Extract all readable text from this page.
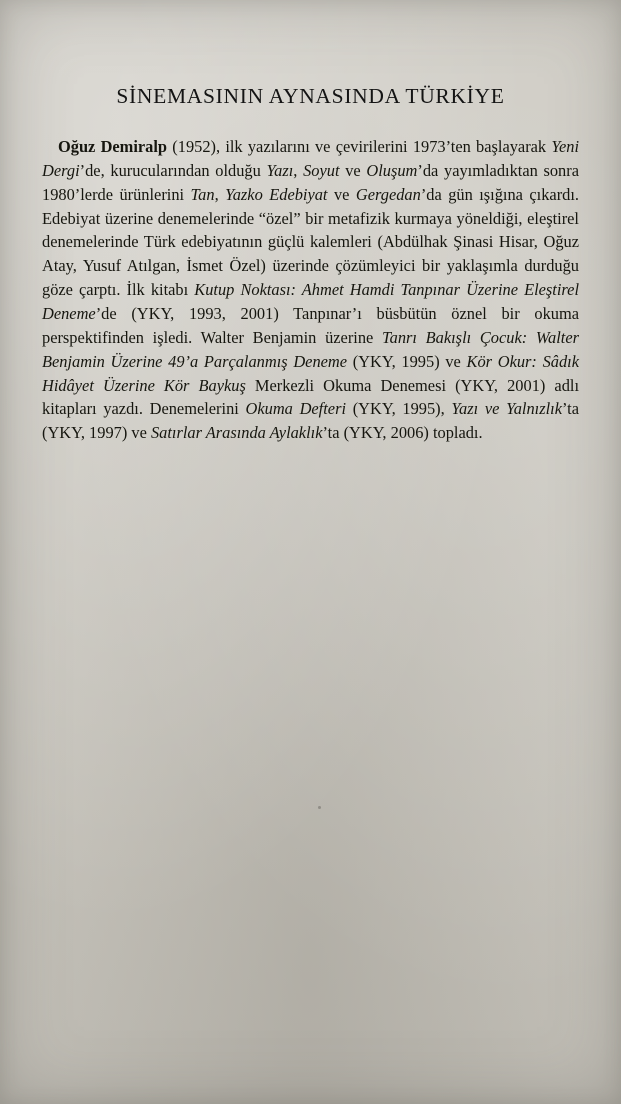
SİNEMASININ AYNASINDA TÜRKİYE

Oğuz Demiralp (1952), ilk yazılarını ve çevirilerini 1973’ten başlayarak Yeni Dergi’de, kurucularından olduğu Yazı, Soyut ve Oluşum’da yayımladıktan sonra 1980’lerde ürünlerini Tan, Yazko Edebiyat ve Gergedan’da gün ışığına çıkardı. Edebiyat üzerine denemelerinde “özel” bir metafizik kurmaya yöneldiği, eleştirel denemelerinde Türk edebiyatının güçlü kalemleri (Abdülhak Şinasi Hisar, Oğuz Atay, Yusuf Atılgan, İsmet Özel) üzerinde çözümleyici bir yaklaşımla durduğu göze çarptı. İlk kitabı Kutup Noktası: Ahmet Hamdi Tanpınar Üzerine Eleştirel Deneme’de (YKY, 1993, 2001) Tanpınar’ı büsbütün öznel bir okuma perspektifinden işledi. Walter Benjamin üzerine Tanrı Bakışlı Çocuk: Walter Benjamin Üzerine 49’a Parçalanmış Deneme (YKY, 1995) ve Kör Okur: Sâdık Hidâyet Üzerine Kör Baykuş Merkezli Okuma Denemesi (YKY, 2001) adlı kitapları yazdı. Denemelerini Okuma Defteri (YKY, 1995), Yazı ve Yalnızlık’ta (YKY, 1997) ve Satırlar Arasında Aylaklık’ta (YKY, 2006) topladı.
